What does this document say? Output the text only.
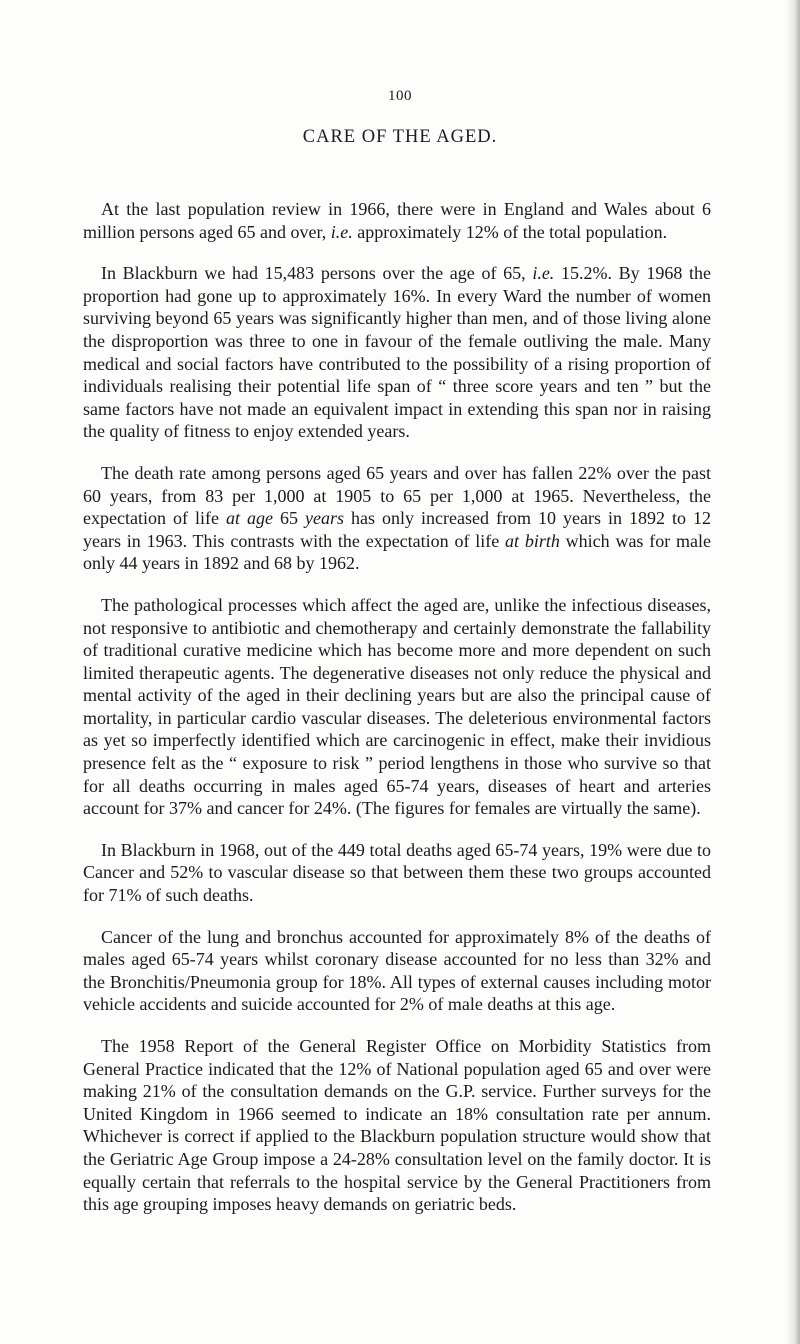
100
CARE OF THE AGED.

At the last population review in 1966, there were in England and Wales about 6 million persons aged 65 and over, i.e. approximately 12% of the total population.

In Blackburn we had 15,483 persons over the age of 65, i.e. 15.2%. By 1968 the proportion had gone up to approximately 16%. In every Ward the number of women surviving beyond 65 years was significantly higher than men, and of those living alone the disproportion was three to one in favour of the female outliving the male. Many medical and social factors have contributed to the possibility of a rising proportion of individuals realising their potential life span of “ three score years and ten ” but the same factors have not made an equivalent impact in extending this span nor in raising the quality of fitness to enjoy extended years.

The death rate among persons aged 65 years and over has fallen 22% over the past 60 years, from 83 per 1,000 at 1905 to 65 per 1,000 at 1965. Nevertheless, the expectation of life at age 65 years has only increased from 10 years in 1892 to 12 years in 1963. This contrasts with the expectation of life at birth which was for male only 44 years in 1892 and 68 by 1962.

The pathological processes which affect the aged are, unlike the infectious diseases, not responsive to antibiotic and chemotherapy and certainly demonstrate the fallability of traditional curative medicine which has become more and more dependent on such limited therapeutic agents. The degenerative diseases not only reduce the physical and mental activity of the aged in their declining years but are also the principal cause of mortality, in particular cardio vascular diseases. The deleterious environmental factors as yet so imperfectly identified which are carcinogenic in effect, make their invidious presence felt as the “ exposure to risk ” period lengthens in those who survive so that for all deaths occurring in males aged 65-74 years, diseases of heart and arteries account for 37% and cancer for 24%. (The figures for females are virtually the same).

In Blackburn in 1968, out of the 449 total deaths aged 65-74 years, 19% were due to Cancer and 52% to vascular disease so that between them these two groups accounted for 71% of such deaths.

Cancer of the lung and bronchus accounted for approximately 8% of the deaths of males aged 65-74 years whilst coronary disease accounted for no less than 32% and the Bronchitis/Pneumonia group for 18%. All types of external causes including motor vehicle accidents and suicide accounted for 2% of male deaths at this age.

The 1958 Report of the General Register Office on Morbidity Statistics from General Practice indicated that the 12% of National population aged 65 and over were making 21% of the consultation demands on the G.P. service. Further surveys for the United Kingdom in 1966 seemed to indicate an 18% consultation rate per annum. Whichever is correct if applied to the Blackburn population structure would show that the Geriatric Age Group impose a 24-28% consultation level on the family doctor. It is equally certain that referrals to the hospital service by the General Practitioners from this age grouping imposes heavy demands on geriatric beds.
